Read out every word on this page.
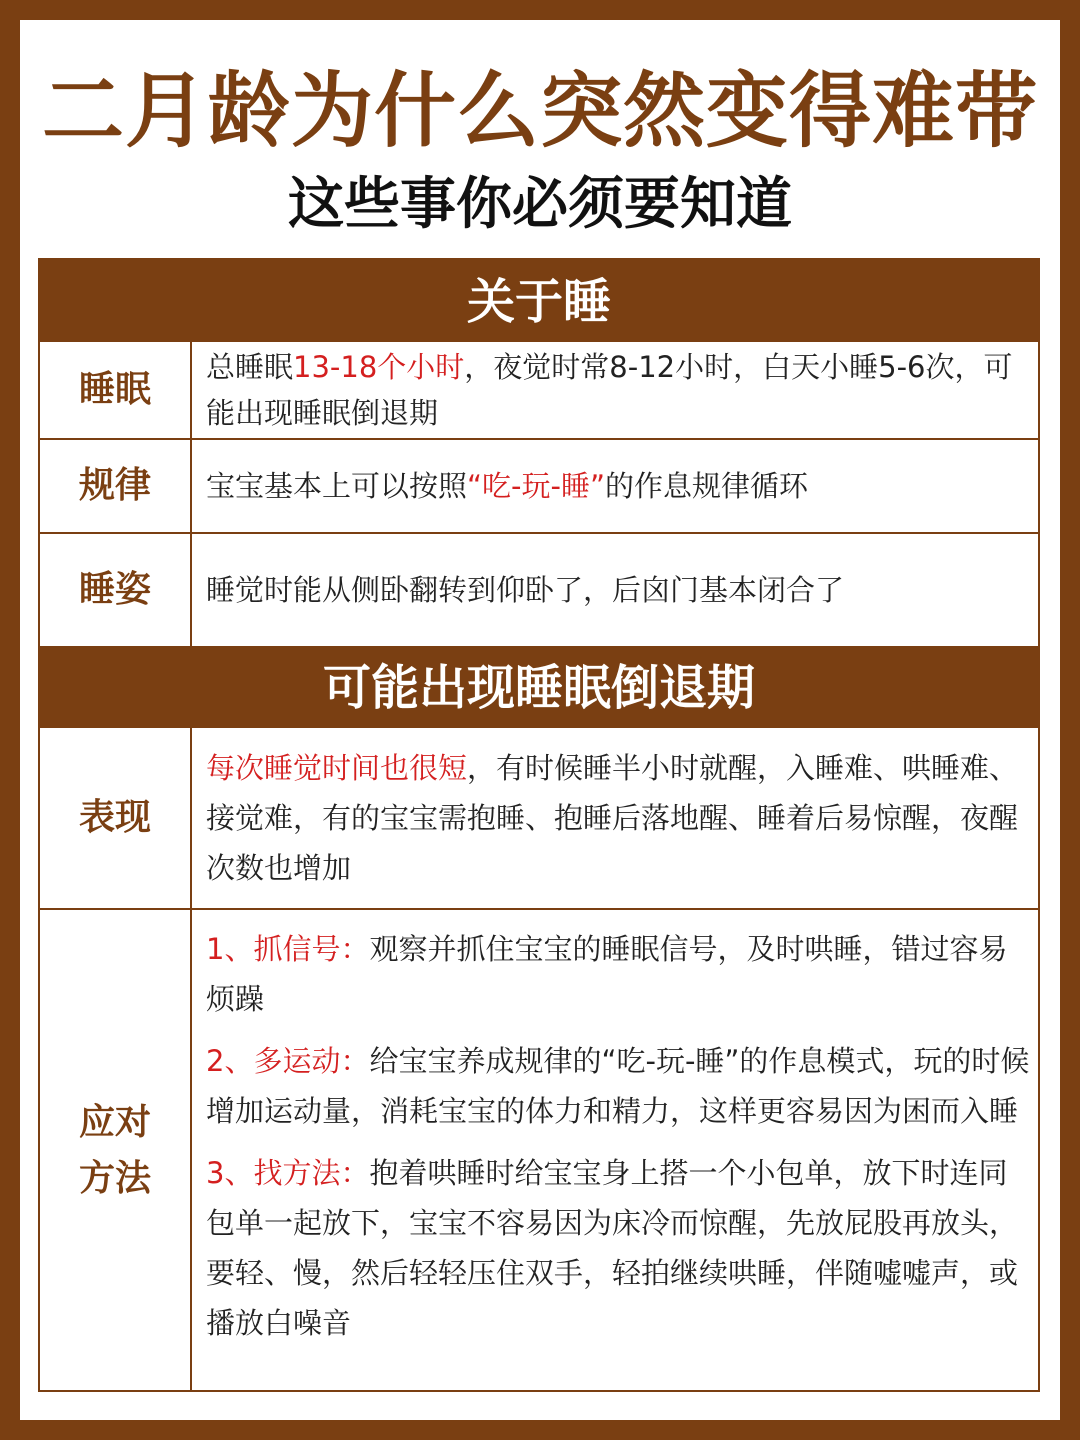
二月龄为什么突然变得难带
这些事你必须要知道
关于睡
睡眠
总睡眠13-18个小时，夜觉时常8-12小时，白天小睡5-6次，可能出现睡眠倒退期
规律	宝宝基本上可以按照“吃-玩-睡”的作息规律循环
睡姿	睡觉时能从侧卧翻转到仰卧了，后囟门基本闭合了
可能出现睡眠倒退期
表现
每次睡觉时间也很短，有时候睡半小时就醒，入睡难、哄睡难、接觉难，有的宝宝需抱睡、抱睡后落地醒、睡着后易惊醒，夜醒次数也增加
应对
方法
1、抓信号：观察并抓住宝宝的睡眠信号，及时哄睡，错过容易烦躁
2、多运动：给宝宝养成规律的“吃-玩-睡”的作息模式，玩的时候增加运动量，消耗宝宝的体力和精力，这样更容易因为困而入睡
3、找方法：抱着哄睡时给宝宝身上搭一个小包单，放下时连同包单一起放下，宝宝不容易因为床冷而惊醒，先放屁股再放头，要轻、慢，然后轻轻压住双手，轻拍继续哄睡，伴随嘘嘘声，或播放白噪音
